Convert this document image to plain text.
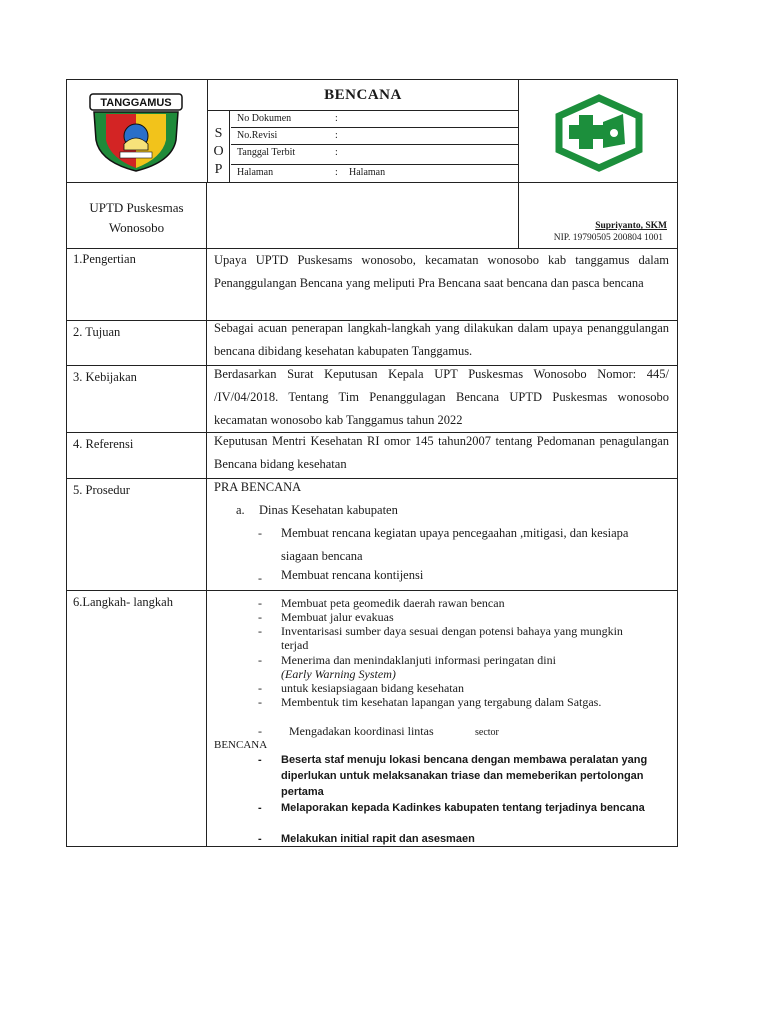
TANGGAMUS	BENCANA
S
O
P
No Dokumen	:
No.Revisi	:
Tanggal Terbit	:
Halaman	: Halaman
UPTD Puskesmas
Wonosobo	Supriyanto, SKM
NIP. 19790505 200804 1001
1.Pengertian	Upaya UPTD Puskesams wonosobo, kecamatan wonosobo kab tanggamus dalam Penanggulangan Bencana yang meliputi Pra Bencana saat bencana dan pasca bencana
2. Tujuan	Sebagai acuan penerapan langkah-langkah yang dilakukan dalam upaya penanggulangan bencana dibidang kesehatan kabupaten Tanggamus.
3. Kebijakan	Berdasarkan Surat Keputusan Kepala UPT Puskesmas Wonosobo Nomor: 445/ /IV/04/2018. Tentang Tim Penanggulagan Bencana UPTD Puskesmas wonosobo kecamatan wonosobo kab Tanggamus tahun 2022
4. Referensi	Keputusan Mentri Kesehatan RI omor 145 tahun2007 tentang Pedomanan penagulangan Bencana bidang kesehatan
5. Prosedur	PRA BENCANA
a. Dinas Kesehatan kabupaten
- Membuat rencana kegiatan upaya pencegaahan ,mitigasi, dan kesiapa siagaan bencana
- Membuat rencana kontijensi
6.Langkah- langkah	- Membuat peta geomedik daerah rawan bencan
- Membuat jalur evakuas
- Inventarisasi sumber daya sesuai dengan potensi bahaya yang mungkin terjad
- Menerima dan menindaklanjuti informasi peringatan dini
(Early Warning System)
- untuk kesiapsiagaan bidang kesehatan
- Membentuk tim kesehatan lapangan yang tergabung dalam Satgas.
- Mengadakan koordinasi lintas	sector
BENCANA
- Beserta staf menuju lokasi bencana dengan membawa peralatan yang diperlukan untuk melaksanakan triase dan memeberikan pertolongan pertama
- Melaporakan kepada Kadinkes kabupaten tentang terjadinya bencana
- Melakukan initial rapit dan asesmaen
